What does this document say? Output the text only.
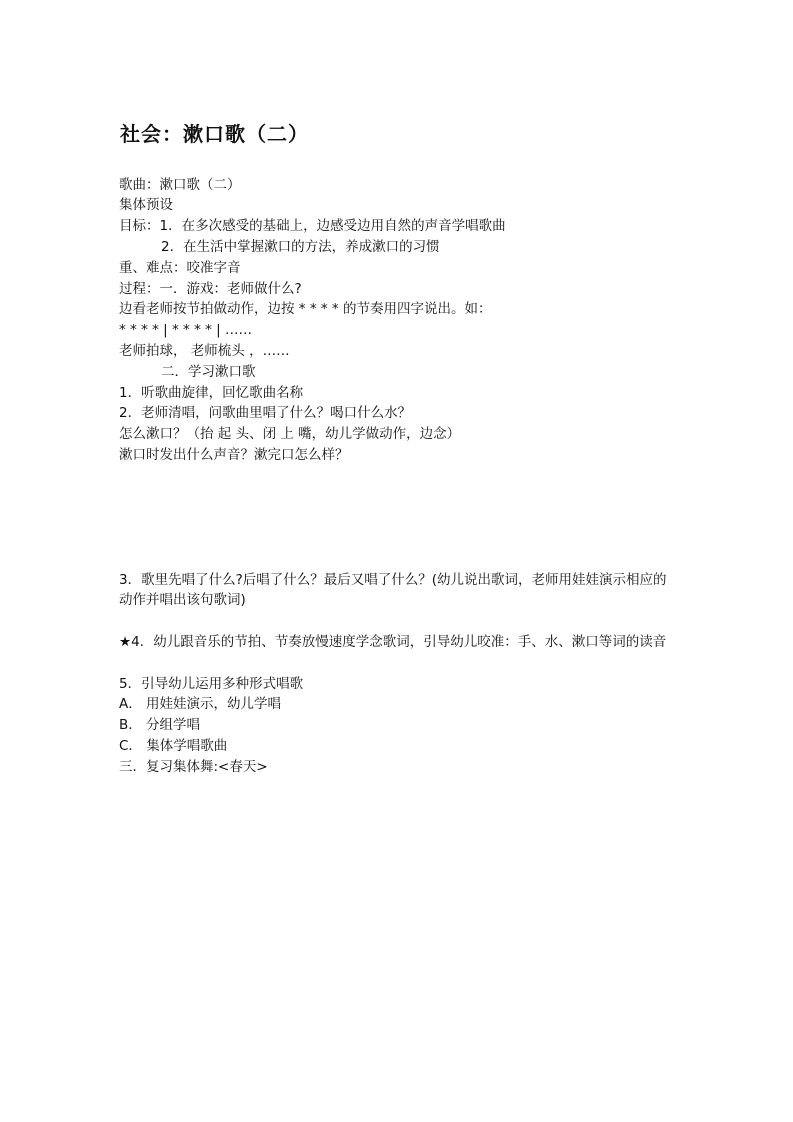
社会：漱口歌（二）
歌曲：漱口歌（二）
集体预设
目标：1．在多次感受的基础上，边感受边用自然的声音学唱歌曲
2．在生活中掌握漱口的方法，养成漱口的习惯
重、难点：咬准字音
过程：一．游戏：老师做什么?
边看老师按节拍做动作，边按 * * * * 的节奏用四字说出。如：
* * * * | * * * * | ……
老师拍球， 老师梳头 ，……
二．学习漱口歌
1．听歌曲旋律，回忆歌曲名称
2．老师清唱，问歌曲里唱了什么？喝口什么水？
怎么漱口？（抬 起 头、闭 上 嘴，幼儿学做动作，边念）
漱口时发出什么声音？漱完口怎么样？
3．歌里先唱了什么?后唱了什么？最后又唱了什么？(幼儿说出歌词，老师用娃娃演示相应的动作并唱出该句歌词)
★4．幼儿跟音乐的节拍、节奏放慢速度学念歌词，引导幼儿咬准：手、水、漱口等词的读音
5．引导幼儿运用多种形式唱歌
A． 用娃娃演示，幼儿学唱
B． 分组学唱
C． 集体学唱歌曲
三．复习集体舞:<春天>
